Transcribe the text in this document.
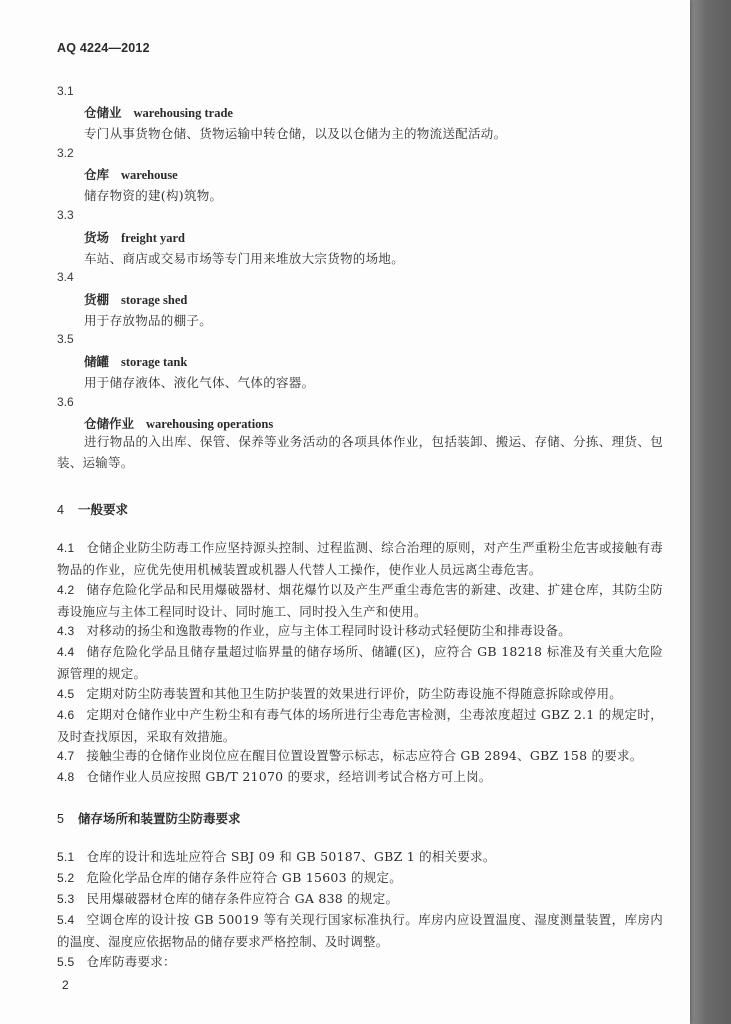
AQ 4224—2012
3.1
仓储业 warehousing trade
专门从事货物仓储、货物运输中转仓储，以及以仓储为主的物流送配活动。
3.2
仓库 warehouse
储存物资的建(构)筑物。
3.3
货场 freight yard
车站、商店或交易市场等专门用来堆放大宗货物的场地。
3.4
货棚 storage shed
用于存放物品的棚子。
3.5
储罐 storage tank
用于储存液体、液化气体、气体的容器。
3.6
仓储作业 warehousing operations
进行物品的入出库、保管、保养等业务活动的各项具体作业，包括装卸、搬运、存储、分拣、理货、包装、运输等。
4 一般要求
4.1 仓储企业防尘防毒工作应坚持源头控制、过程监测、综合治理的原则，对产生严重粉尘危害或接触有毒物品的作业，应优先使用机械装置或机器人代替人工操作，使作业人员远离尘毒危害。
4.2 储存危险化学品和民用爆破器材、烟花爆竹以及产生严重尘毒危害的新建、改建、扩建仓库，其防尘防毒设施应与主体工程同时设计、同时施工、同时投入生产和使用。
4.3 对移动的扬尘和逸散毒物的作业，应与主体工程同时设计移动式轻便防尘和排毒设备。
4.4 储存危险化学品且储存量超过临界量的储存场所、储罐(区)，应符合 GB 18218 标准及有关重大危险源管理的规定。
4.5 定期对防尘防毒装置和其他卫生防护装置的效果进行评价，防尘防毒设施不得随意拆除或停用。
4.6 定期对仓储作业中产生粉尘和有毒气体的场所进行尘毒危害检测，尘毒浓度超过 GBZ 2.1 的规定时，及时查找原因，采取有效措施。
4.7 接触尘毒的仓储作业岗位应在醒目位置设置警示标志，标志应符合 GB 2894、GBZ 158 的要求。
4.8 仓储作业人员应按照 GB/T 21070 的要求，经培训考试合格方可上岗。
5 储存场所和装置防尘防毒要求
5.1 仓库的设计和选址应符合 SBJ 09 和 GB 50187、GBZ 1 的相关要求。
5.2 危险化学品仓库的储存条件应符合 GB 15603 的规定。
5.3 民用爆破器材仓库的储存条件应符合 GA 838 的规定。
5.4 空调仓库的设计按 GB 50019 等有关现行国家标准执行。库房内应设置温度、湿度测量装置，库房内的温度、湿度应依据物品的储存要求严格控制、及时调整。
5.5 仓库防毒要求：
2
